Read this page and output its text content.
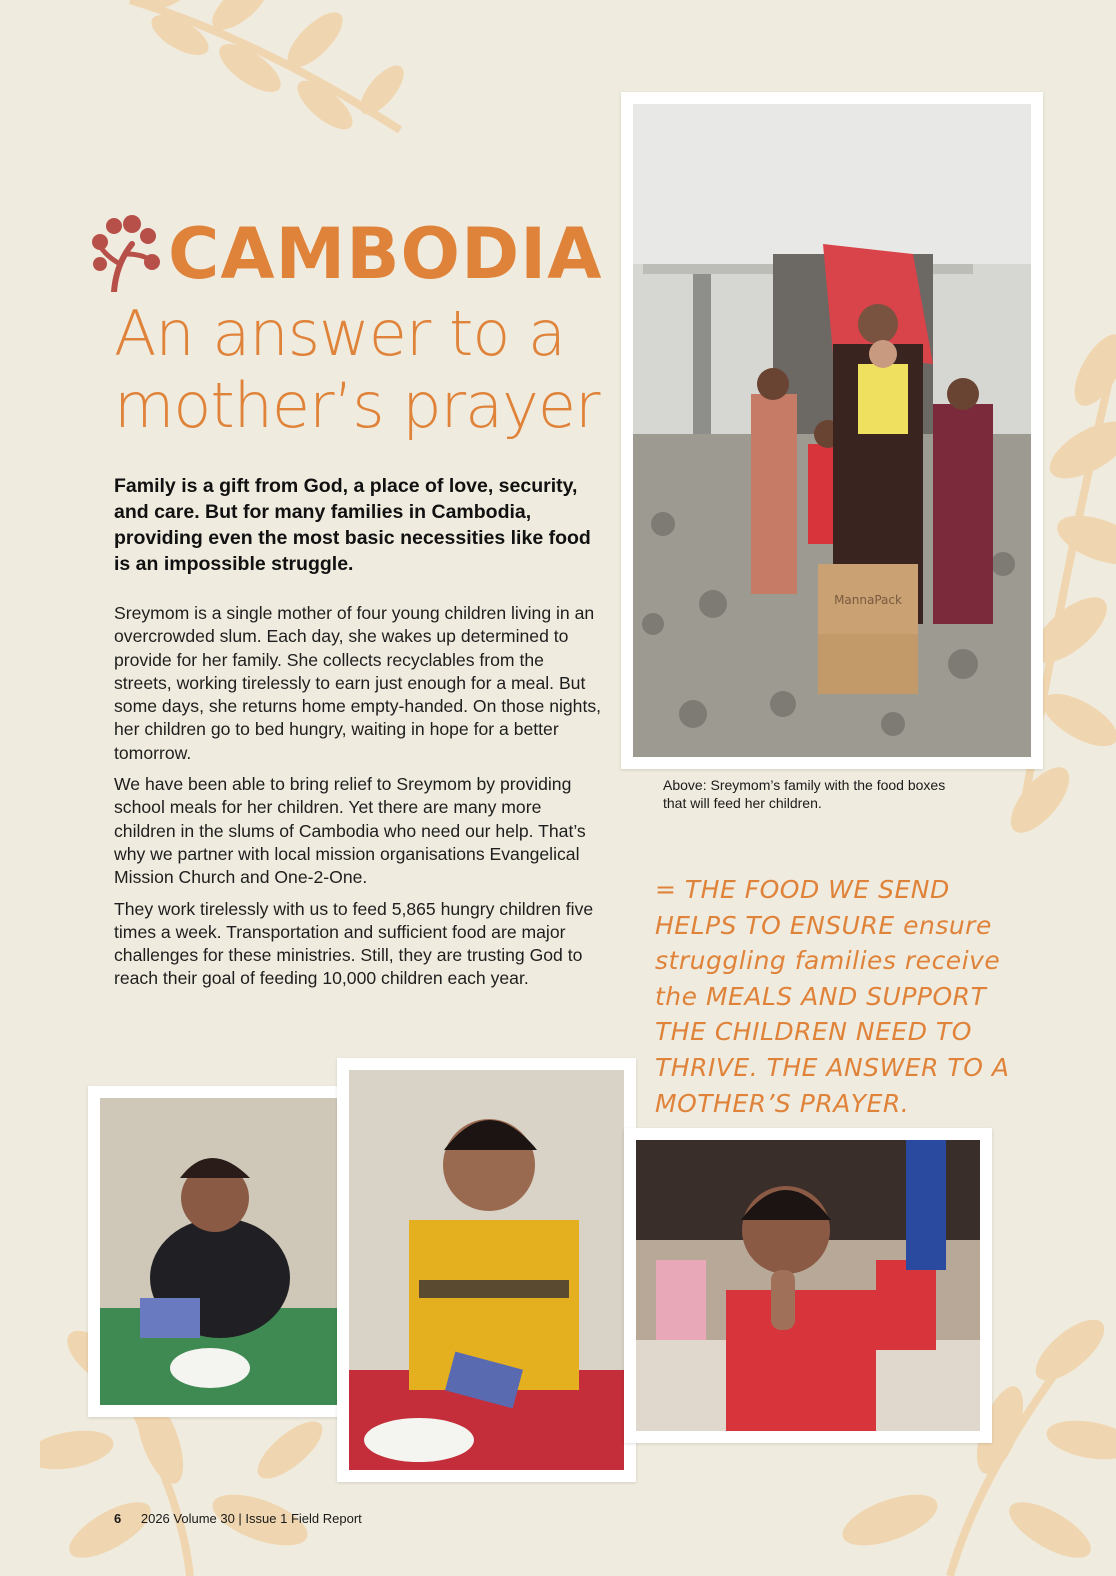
CAMBODIA
An answer to a
mother’s prayer

Family is a gift from God, a place of love, security, and care. But for many families in Cambodia, providing even the most basic necessities like food is an impossible struggle.

Sreymom is a single mother of four young children living in an overcrowded slum. Each day, she wakes up determined to provide for her family. She collects recyclables from the streets, working tirelessly to earn just enough for a meal. But some days, she returns home empty-handed. On those nights, her children go to bed hungry, waiting in hope for a better tomorrow.

We have been able to bring relief to Sreymom by providing school meals for her children. Yet there are many more children in the slums of Cambodia who need our help. That’s why we partner with local mission organisations Evangelical Mission Church and One-2-One.

They work tirelessly with us to feed 5,865 hungry children five times a week. Transportation and sufficient food are major challenges for these ministries. Still, they are trusting God to reach their goal of feeding 10,000 children each year.

MannaPack
Above: Sreymom’s family with the food boxes that will feed her children.
= THE FOOD WE SEND HELPS TO ENSURE ensure struggling families receive the MEALS AND SUPPORT THE CHILDREN NEED TO THRIVE. THE ANSWER TO A MOTHER’S PRAYER.
6 2026 Volume 30 | Issue 1 Field Report
